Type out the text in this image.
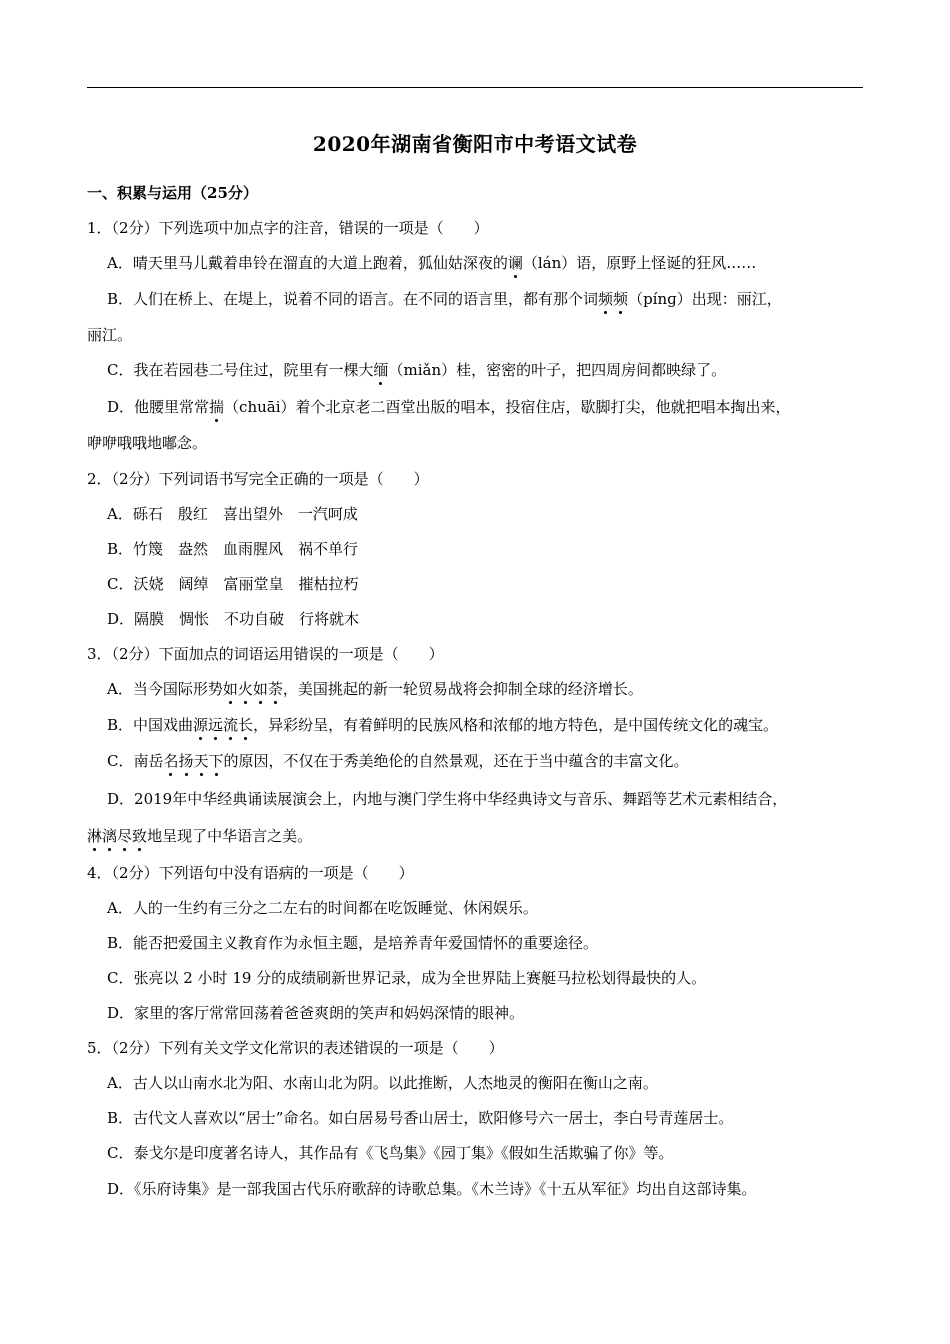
2020年湖南省衡阳市中考语文试卷
一、积累与运用（25分）
1．（2分）下列选项中加点字的注音，错误的一项是（　　）
A．晴天里马儿戴着串铃在溜直的大道上跑着，狐仙姑深夜的谰（lán）语，原野上怪诞的狂风……
B．人们在桥上、在堤上，说着不同的语言。在不同的语言里，都有那个词频频（pínɡ）出现：丽江，
丽江。
C．我在若园巷二号住过，院里有一棵大缅（miǎn）桂，密密的叶子，把四周房间都映绿了。
D．他腰里常常揣（chuāi）着个北京老二酉堂出版的唱本，投宿住店，歇脚打尖，他就把唱本掏出来，
咿咿哦哦地嘟念。
2．（2分）下列词语书写完全正确的一项是（　　）
A．砾石　殷红　喜出望外　一汽呵成
B．竹篾　盎然　血雨腥风　祸不单行
C．沃娆　阔绰　富丽堂皇　摧枯拉朽
D．隔膜　惆怅　不功自破　行将就木
3．（2分）下面加点的词语运用错误的一项是（　　）
A．当今国际形势如火如荼，美国挑起的新一轮贸易战将会抑制全球的经济增长。
B．中国戏曲源远流长，异彩纷呈，有着鲜明的民族风格和浓郁的地方特色，是中国传统文化的魂宝。
C．南岳名扬天下的原因，不仅在于秀美绝伦的自然景观，还在于当中蕴含的丰富文化。
D．2019年中华经典诵读展演会上，内地与澳门学生将中华经典诗文与音乐、舞蹈等艺术元素相结合，
淋漓尽致地呈现了中华语言之美。
4．（2分）下列语句中没有语病的一项是（　　）
A．人的一生约有三分之二左右的时间都在吃饭睡觉、休闲娱乐。
B．能否把爱国主义教育作为永恒主题，是培养青年爱国情怀的重要途径。
C．张亮以 2 小时 19 分的成绩刷新世界记录，成为全世界陆上赛艇马拉松划得最快的人。
D．家里的客厅常常回荡着爸爸爽朗的笑声和妈妈深情的眼神。
5．（2分）下列有关文学文化常识的表述错误的一项是（　　）
A．古人以山南水北为阳、水南山北为阴。以此推断，人杰地灵的衡阳在衡山之南。
B．古代文人喜欢以“居士”命名。如白居易号香山居士，欧阳修号六一居士，李白号青莲居士。
C．泰戈尔是印度著名诗人，其作品有《飞鸟集》《园丁集》《假如生活欺骗了你》等。
D．《乐府诗集》是一部我国古代乐府歌辞的诗歌总集。《木兰诗》《十五从军征》均出自这部诗集。
